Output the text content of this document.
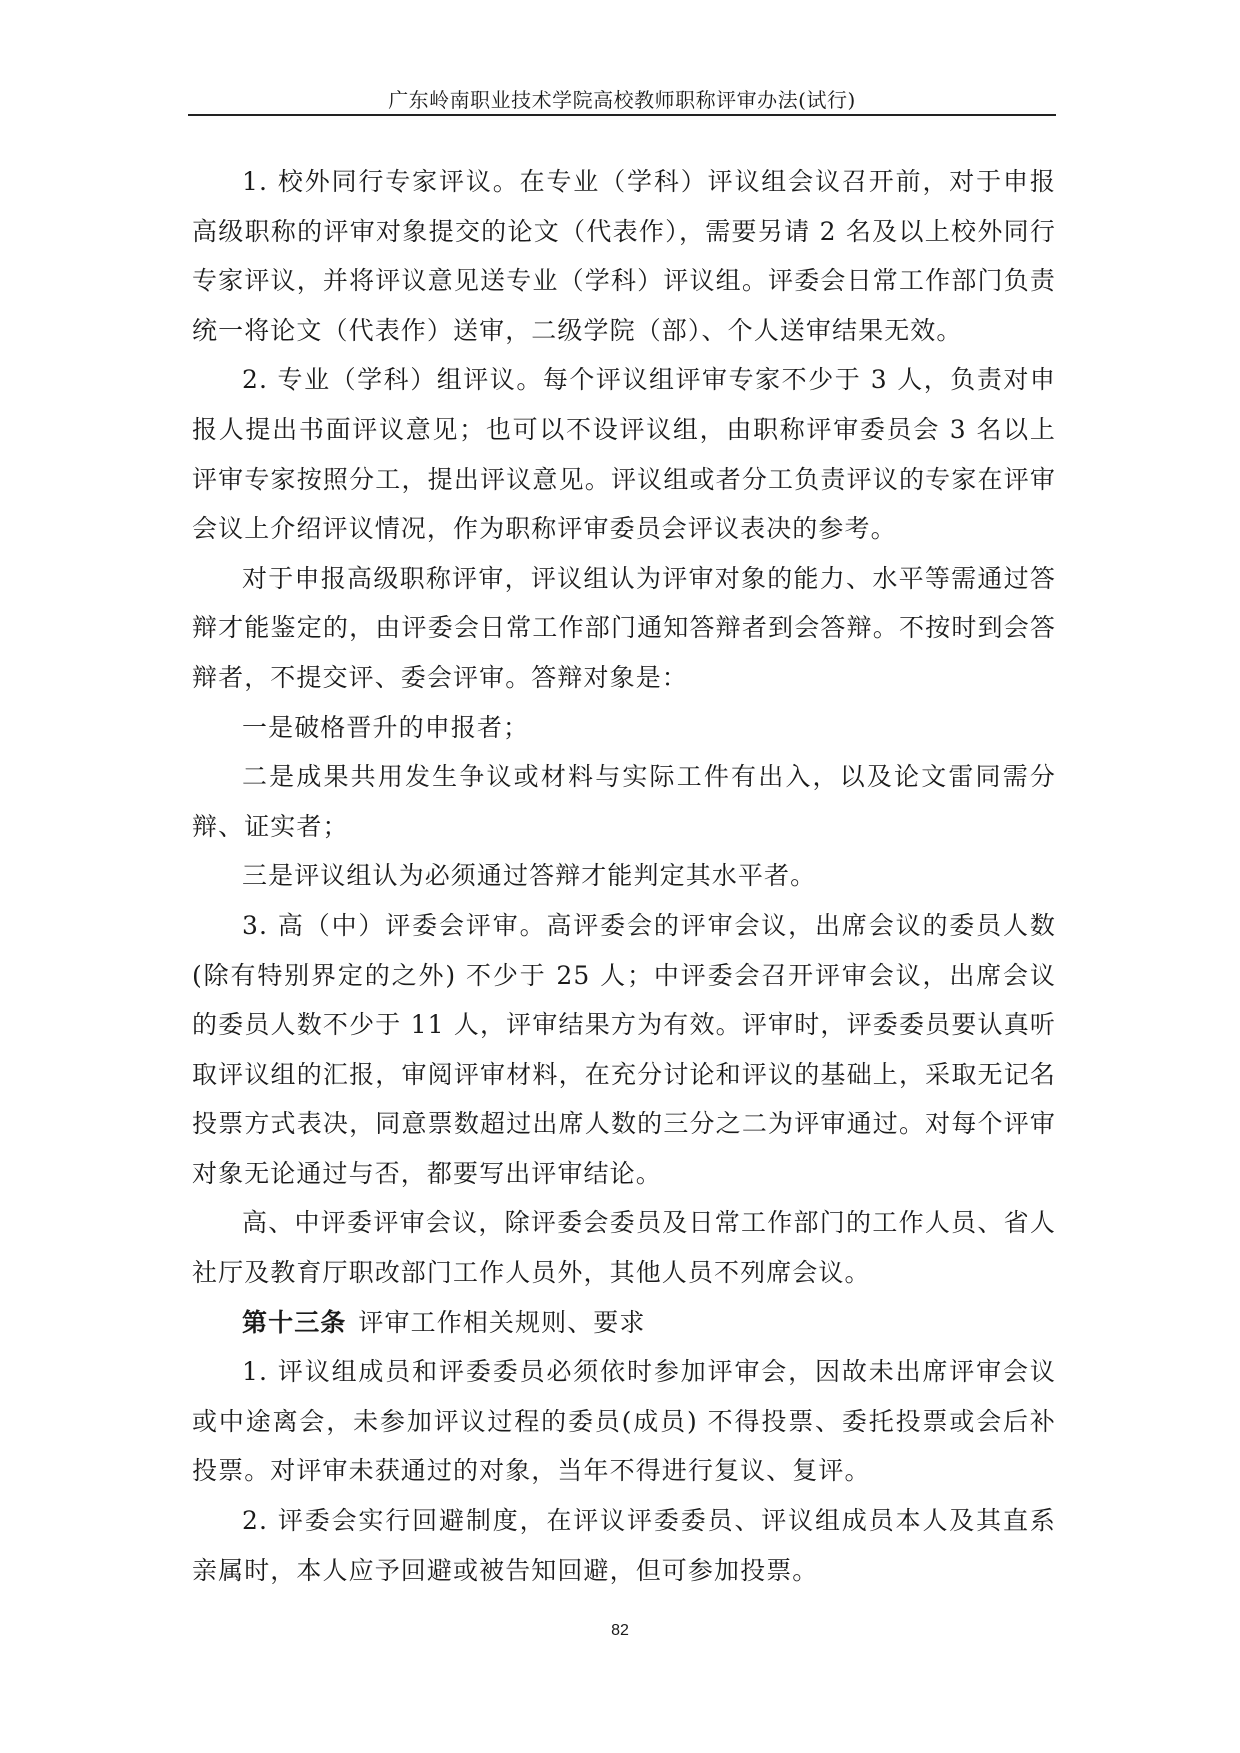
广东岭南职业技术学院高校教师职称评审办法(试行)

1. 校外同行专家评议。在专业（学科）评议组会议召开前，对于申报高级职称的评审对象提交的论文（代表作），需要另请 2 名及以上校外同行专家评议，并将评议意见送专业（学科）评议组。评委会日常工作部门负责统一将论文（代表作）送审，二级学院（部）、个人送审结果无效。

2. 专业（学科）组评议。每个评议组评审专家不少于 3 人，负责对申报人提出书面评议意见；也可以不设评议组，由职称评审委员会 3 名以上评审专家按照分工，提出评议意见。评议组或者分工负责评议的专家在评审会议上介绍评议情况，作为职称评审委员会评议表决的参考。

对于申报高级职称评审，评议组认为评审对象的能力、水平等需通过答辩才能鉴定的，由评委会日常工作部门通知答辩者到会答辩。不按时到会答辩者，不提交评、委会评审。答辩对象是：

一是破格晋升的申报者；

二是成果共用发生争议或材料与实际工件有出入，以及论文雷同需分辩、证实者；

三是评议组认为必须通过答辩才能判定其水平者。

3. 高（中）评委会评审。高评委会的评审会议，出席会议的委员人数(除有特别界定的之外) 不少于 25 人；中评委会召开评审会议，出席会议的委员人数不少于 11 人，评审结果方为有效。评审时，评委委员要认真听取评议组的汇报，审阅评审材料，在充分讨论和评议的基础上，采取无记名投票方式表决，同意票数超过出席人数的三分之二为评审通过。对每个评审对象无论通过与否，都要写出评审结论。

高、中评委评审会议，除评委会委员及日常工作部门的工作人员、省人社厅及教育厅职改部门工作人员外，其他人员不列席会议。

第十三条 评审工作相关规则、要求

1. 评议组成员和评委委员必须依时参加评审会，因故未出席评审会议或中途离会，未参加评议过程的委员(成员) 不得投票、委托投票或会后补投票。对评审未获通过的对象，当年不得进行复议、复评。

2. 评委会实行回避制度，在评议评委委员、评议组成员本人及其直系亲属时，本人应予回避或被告知回避，但可参加投票。

82
